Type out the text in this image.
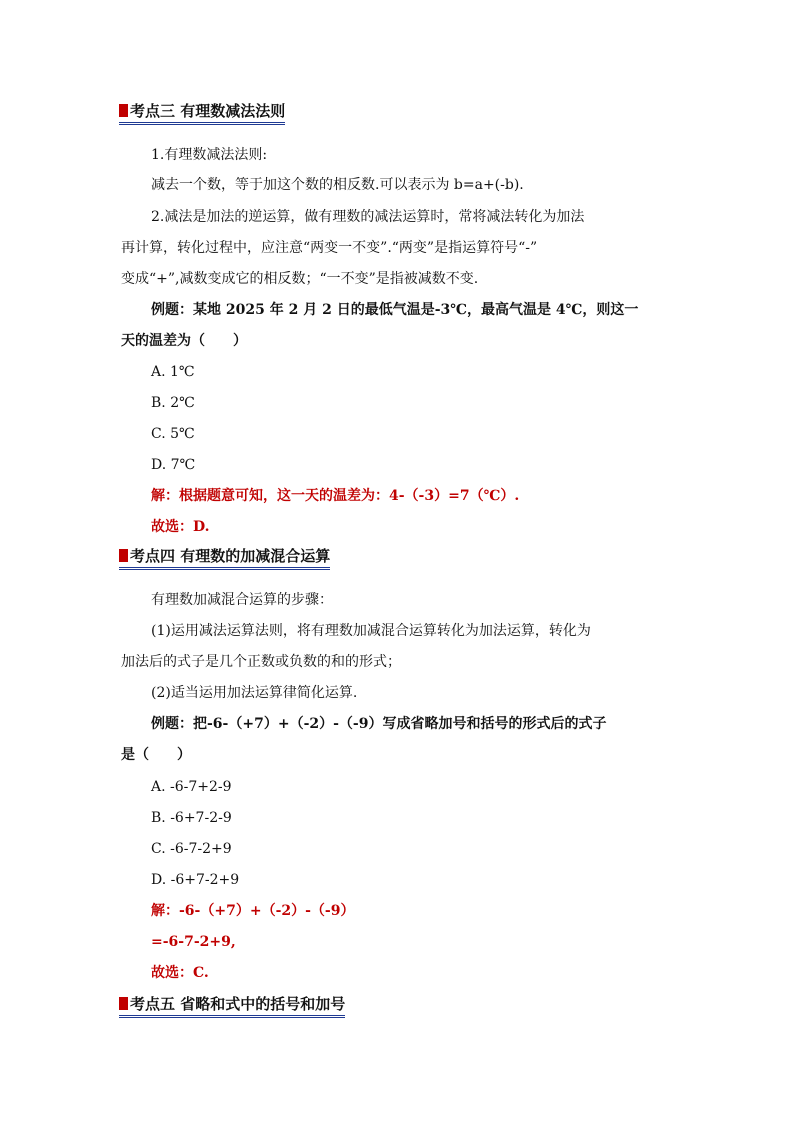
考点三 有理数减法法则
1.有理数减法法则:
减去一个数，等于加这个数的相反数.可以表示为 b=a+(-b).
2.减法是加法的逆运算，做有理数的减法运算时，常将减法转化为加法
再计算，转化过程中，应注意“两变一不变”.“两变”是指运算符号“-”
变成“+”,减数变成它的相反数；“一不变”是指被减数不变.
例题：某地 2025 年 2 月 2 日的最低气温是-3℃，最高气温是 4℃，则这一
天的温差为（　　）
A. 1℃
B. 2℃
C. 5℃
D. 7℃
解：根据题意可知，这一天的温差为：4-（-3）=7（℃）.
故选：D.
考点四 有理数的加减混合运算
有理数加减混合运算的步骤：
(1)运用减法运算法则，将有理数加减混合运算转化为加法运算，转化为
加法后的式子是几个正数或负数的和的形式；
(2)适当运用加法运算律简化运算.
例题：把-6-（+7）+（-2）-（-9）写成省略加号和括号的形式后的式子
是（　　）
A. -6-7+2-9
B. -6+7-2-9
C. -6-7-2+9
D. -6+7-2+9
解：-6-（+7）+（-2）-（-9）
=-6-7-2+9,
故选：C.
考点五 省略和式中的括号和加号
